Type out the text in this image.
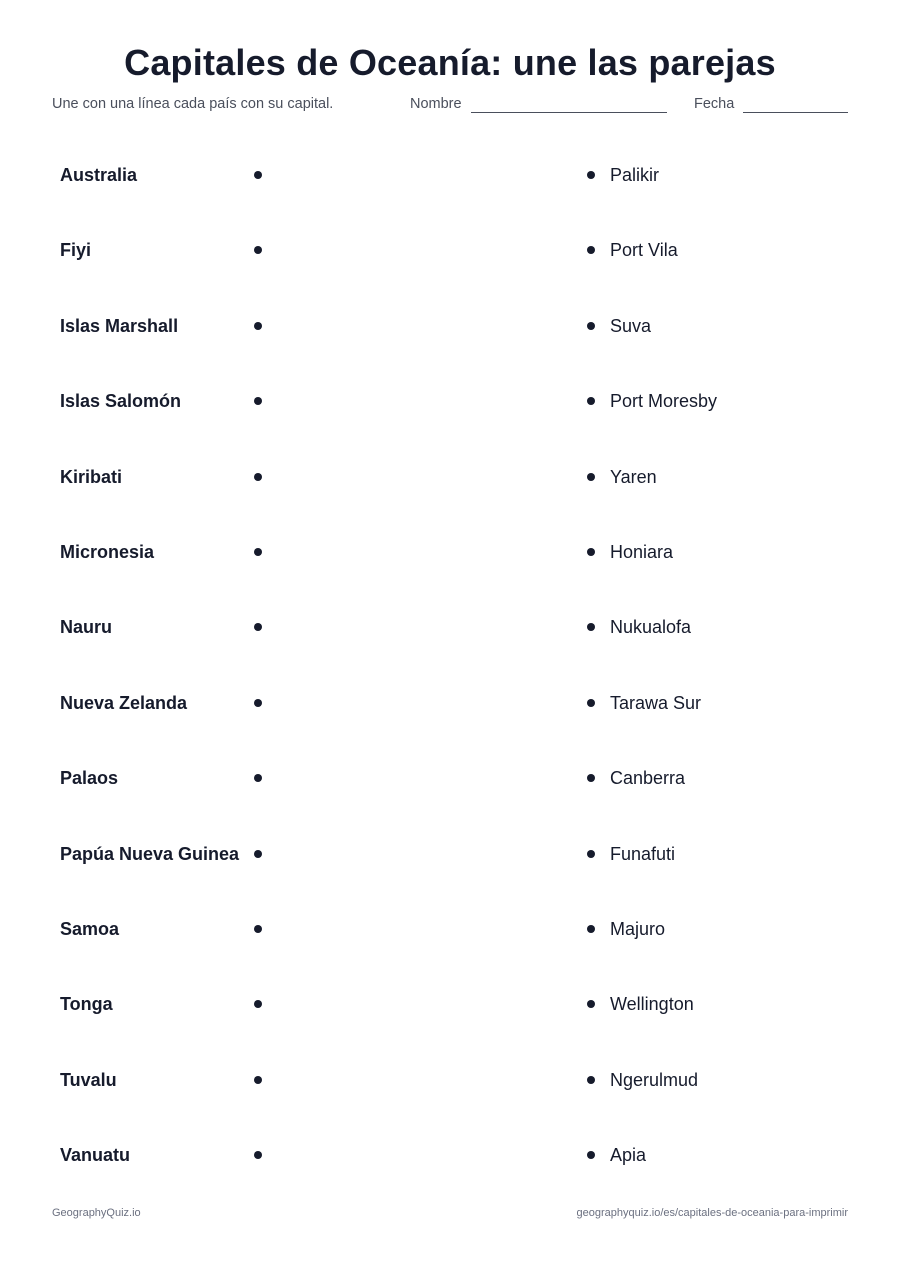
Capitales de Oceanía: une las parejas
Une con una línea cada país con su capital.	Nombre	Fecha
Australia	Palikir
Fiyi	Port Vila
Islas Marshall	Suva
Islas Salomón	Port Moresby
Kiribati	Yaren
Micronesia	Honiara
Nauru	Nukualofa
Nueva Zelanda	Tarawa Sur
Palaos	Canberra
Papúa Nueva Guinea	Funafuti
Samoa	Majuro
Tonga	Wellington
Tuvalu	Ngerulmud
Vanuatu	Apia
GeographyQuiz.io	geographyquiz.io/es/capitales-de-oceania-para-imprimir
